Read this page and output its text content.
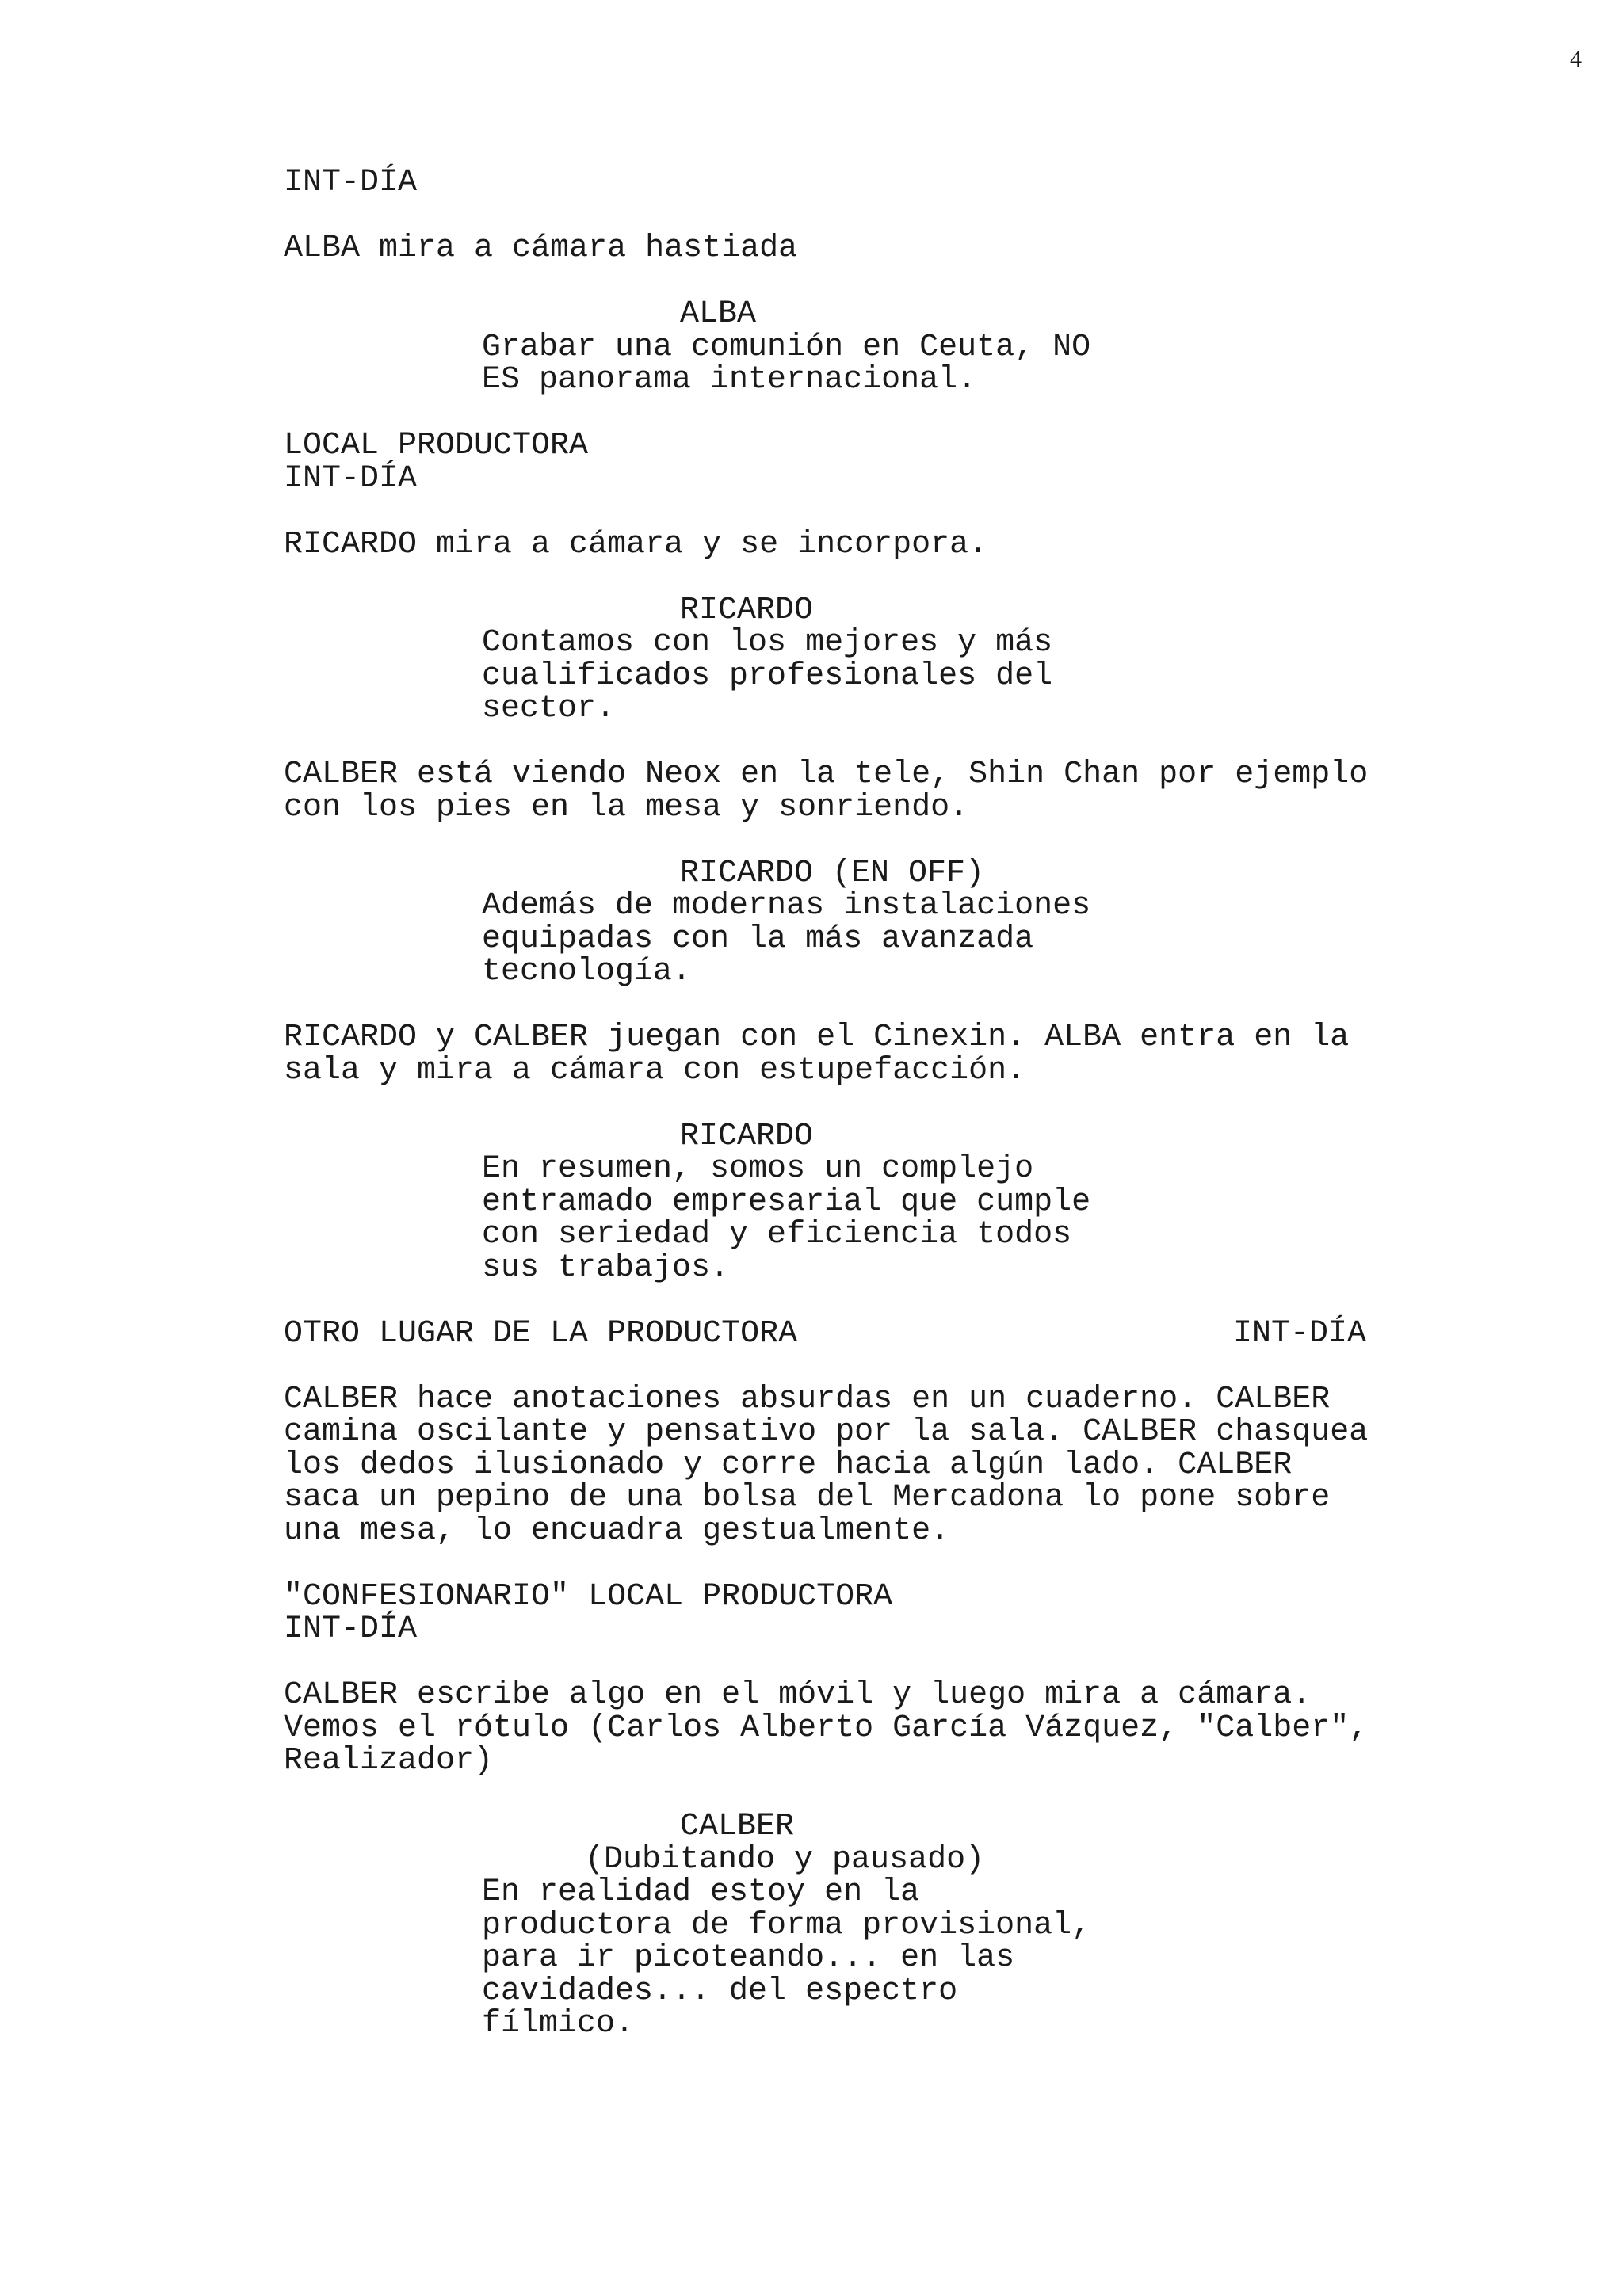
4
INT-DÍA
ALBA mira a cámara hastiada
ALBA
Grabar una comunión en Ceuta, NO
ES panorama internacional.
LOCAL PRODUCTORA
INT-DÍA
RICARDO mira a cámara y se incorpora.
RICARDO
Contamos con los mejores y más
cualificados profesionales del
sector.
CALBER está viendo Neox en la tele, Shin Chan por ejemplo
con los pies en la mesa y sonriendo.
RICARDO (EN OFF)
Además de modernas instalaciones
equipadas con la más avanzada
tecnología.
RICARDO y CALBER juegan con el Cinexin. ALBA entra en la
sala y mira a cámara con estupefacción.
RICARDO
En resumen, somos un complejo
entramado empresarial que cumple
con seriedad y eficiencia todos
sus trabajos.
OTRO LUGAR DE LA PRODUCTORA	INT-DÍA
CALBER hace anotaciones absurdas en un cuaderno. CALBER
camina oscilante y pensativo por la sala. CALBER chasquea
los dedos ilusionado y corre hacia algún lado. CALBER
saca un pepino de una bolsa del Mercadona lo pone sobre
una mesa, lo encuadra gestualmente.
"CONFESIONARIO" LOCAL PRODUCTORA
INT-DÍA
CALBER escribe algo en el móvil y luego mira a cámara.
Vemos el rótulo (Carlos Alberto García Vázquez, "Calber",
Realizador)
CALBER
(Dubitando y pausado)
En realidad estoy en la
productora de forma provisional,
para ir picoteando... en las
cavidades... del espectro
fílmico.
